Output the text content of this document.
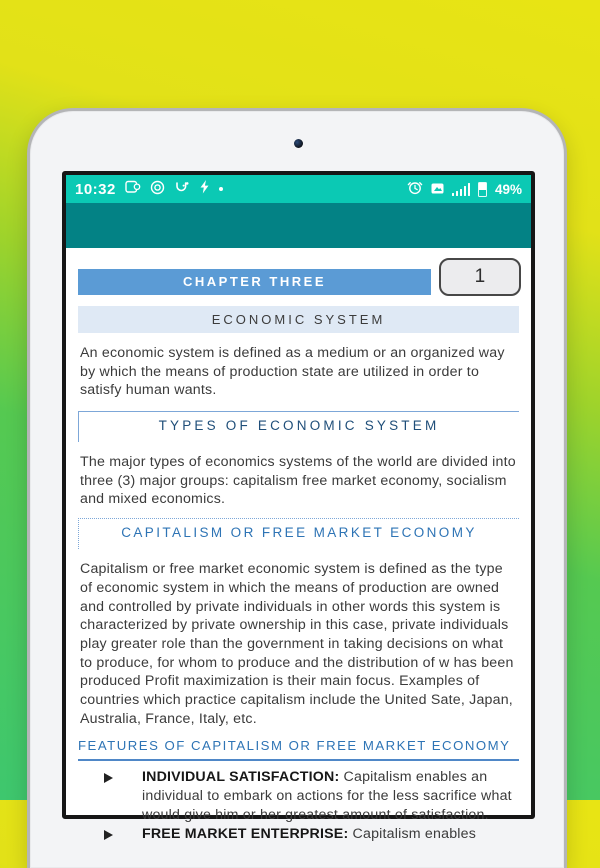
10:32	49%
CHAPTER THREE	1
ECONOMIC SYSTEM

An economic system is defined as a medium or an organized way by which the means of production state are utilized in order to satisfy human wants.

TYPES OF ECONOMIC SYSTEM

The major types of economics systems of the world are divided into three (3) major groups: capitalism free market economy, socialism and mixed economics.

CAPITALISM OR FREE MARKET ECONOMY

Capitalism or free market economic system is defined as the type of economic system in which the means of production are owned and controlled by private individuals in other words this system is characterized by private ownership in this case, private individuals play greater role than the government in taking decisions on what to produce, for whom to produce and the distribution of w has been produced Profit maximization is their main focus. Examples of countries which practice capitalism include the United Sate, Japan, Australia, France, Italy, etc.

FEATURES OF CAPITALISM OR FREE MARKET ECONOMY
INDIVIDUAL SATISFACTION: Capitalism enables an individual to embark on actions for the less sacrifice what would give him or her greatest amount of satisfaction.
FREE MARKET ENTERPRISE: Capitalism enables
